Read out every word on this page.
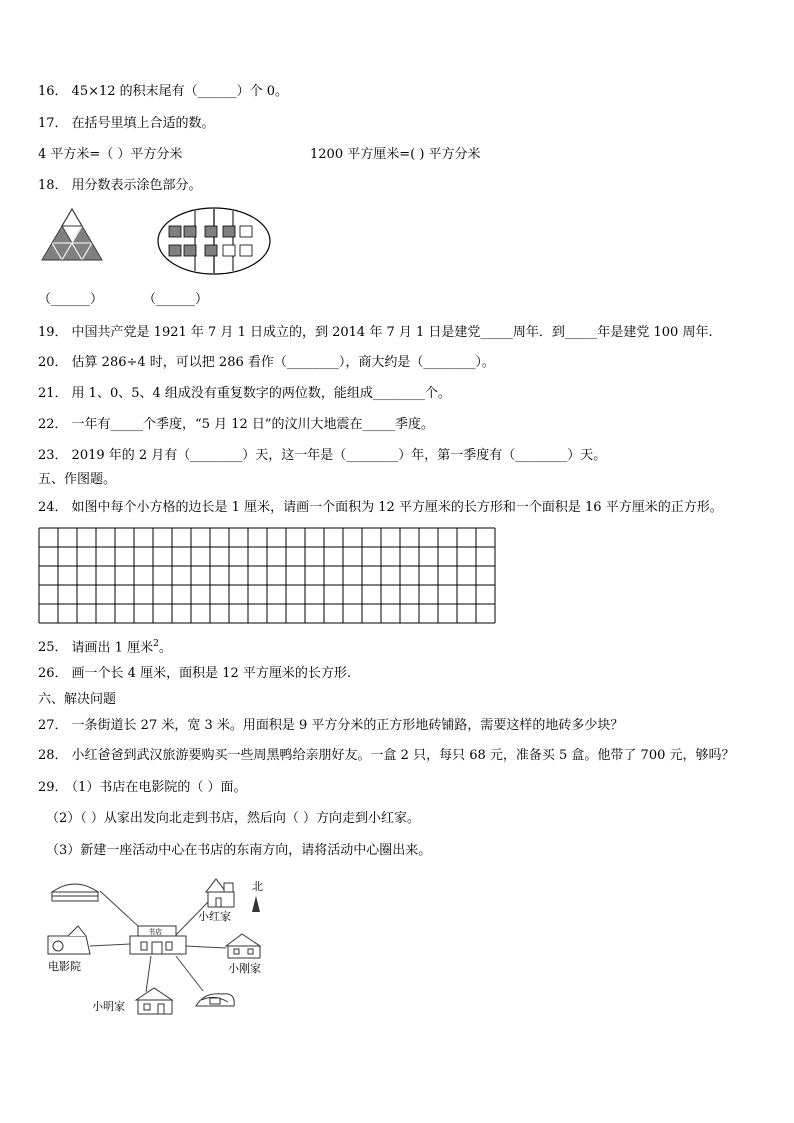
16． 45×12 的积末尾有（______）个 0。
17． 在括号里填上合适的数。
4 平方米=（ ）平方分米	1200 平方厘米=( ) 平方分米
18． 用分数表示涂色部分。
（______）	（______）
19． 中国共产党是 1921 年 7 月 1 日成立的，到 2014 年 7 月 1 日是建党_____周年．到_____年是建党 100 周年.
20． 估算 286÷4 时，可以把 286 看作（________），商大约是（________）。
21． 用 1、0、5、4 组成没有重复数字的两位数，能组成________个。
22． 一年有_____个季度，“5 月 12 日”的汶川大地震在_____季度。
23． 2019 年的 2 月有（________）天，这一年是（________）年，第一季度有（________）天。
五、作图题。
24． 如图中每个小方格的边长是 1 厘米，请画一个面积为 12 平方厘米的长方形和一个面积是 16 平方厘米的正方形。
25． 请画出 1 厘米$^2$。
26． 画一个长 4 厘米，面积是 12 平方厘米的长方形.
六、解决问题
27． 一条街道长 27 米，宽 3 米。用面积是 9 平方分米的正方形地砖铺路，需要这样的地砖多少块？
28． 小红爸爸到武汉旅游要购买一些周黑鸭给亲朋好友。一盒 2 只，每只 68 元，准备买 5 盒。他带了 700 元，够吗？
29． （1）书店在电影院的（ ）面。
（2）（ ）从家出发向北走到书店，然后向（ ）方向走到小红家。
（3）新建一座活动中心在书店的东南方向，请将活动中心圈出来。
书店
小红家
北
电影院	小刚家
小明家
